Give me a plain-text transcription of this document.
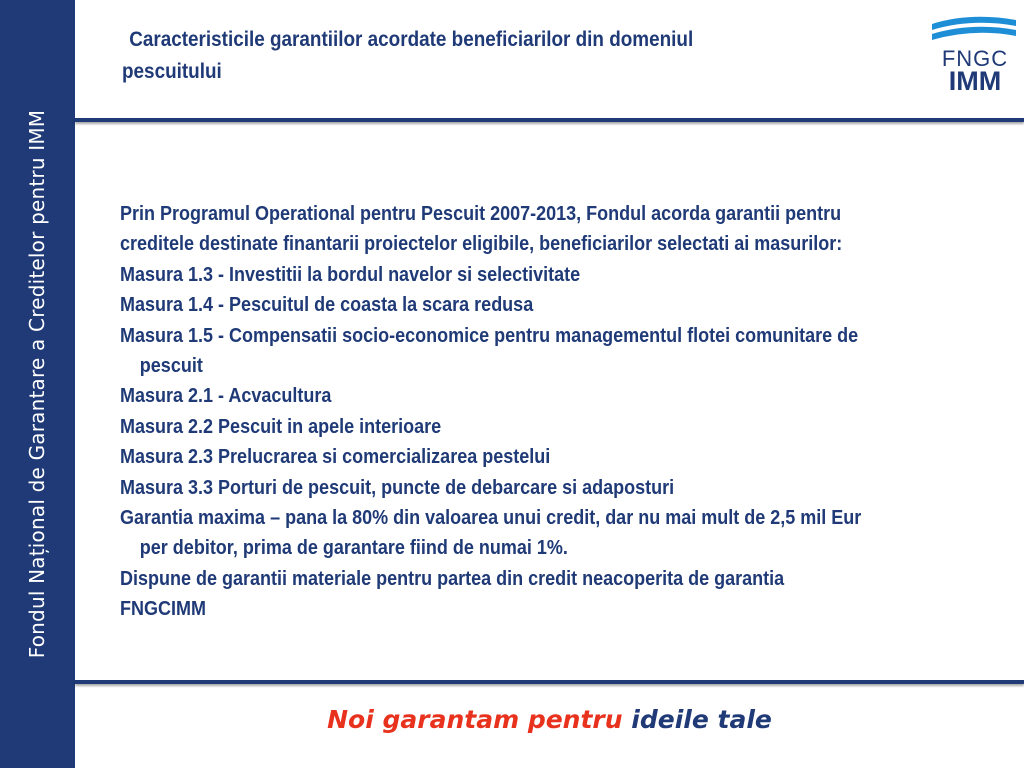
Fondul Național de Garantare a Creditelor pentru IMM
Caracteristicile garantiilor acordate beneficiarilor din domeniul
pescuitului
FNGC
IMM
Prin Programul Operational pentru Pescuit 2007-2013, Fondul acorda garantii pentru
creditele destinate finantarii proiectelor eligibile, beneficiarilor selectati ai masurilor:
Masura 1.3 - Investitii la bordul navelor si selectivitate
Masura 1.4 - Pescuitul de coasta la scara redusa
Masura 1.5 - Compensatii socio-economice pentru managementul flotei comunitare de
pescuit
Masura 2.1 - Acvacultura
Masura 2.2 Pescuit in apele interioare
Masura 2.3 Prelucrarea si comercializarea pestelui
Masura 3.3 Porturi de pescuit, puncte de debarcare si adaposturi
Garantia maxima – pana la 80% din valoarea unui credit, dar nu mai mult de 2,5 mil Eur
per debitor, prima de garantare fiind de numai 1%.
Dispune de garantii materiale pentru partea din credit neacoperita de garantia
FNGCIMM
Noi garantam pentru ideile tale
